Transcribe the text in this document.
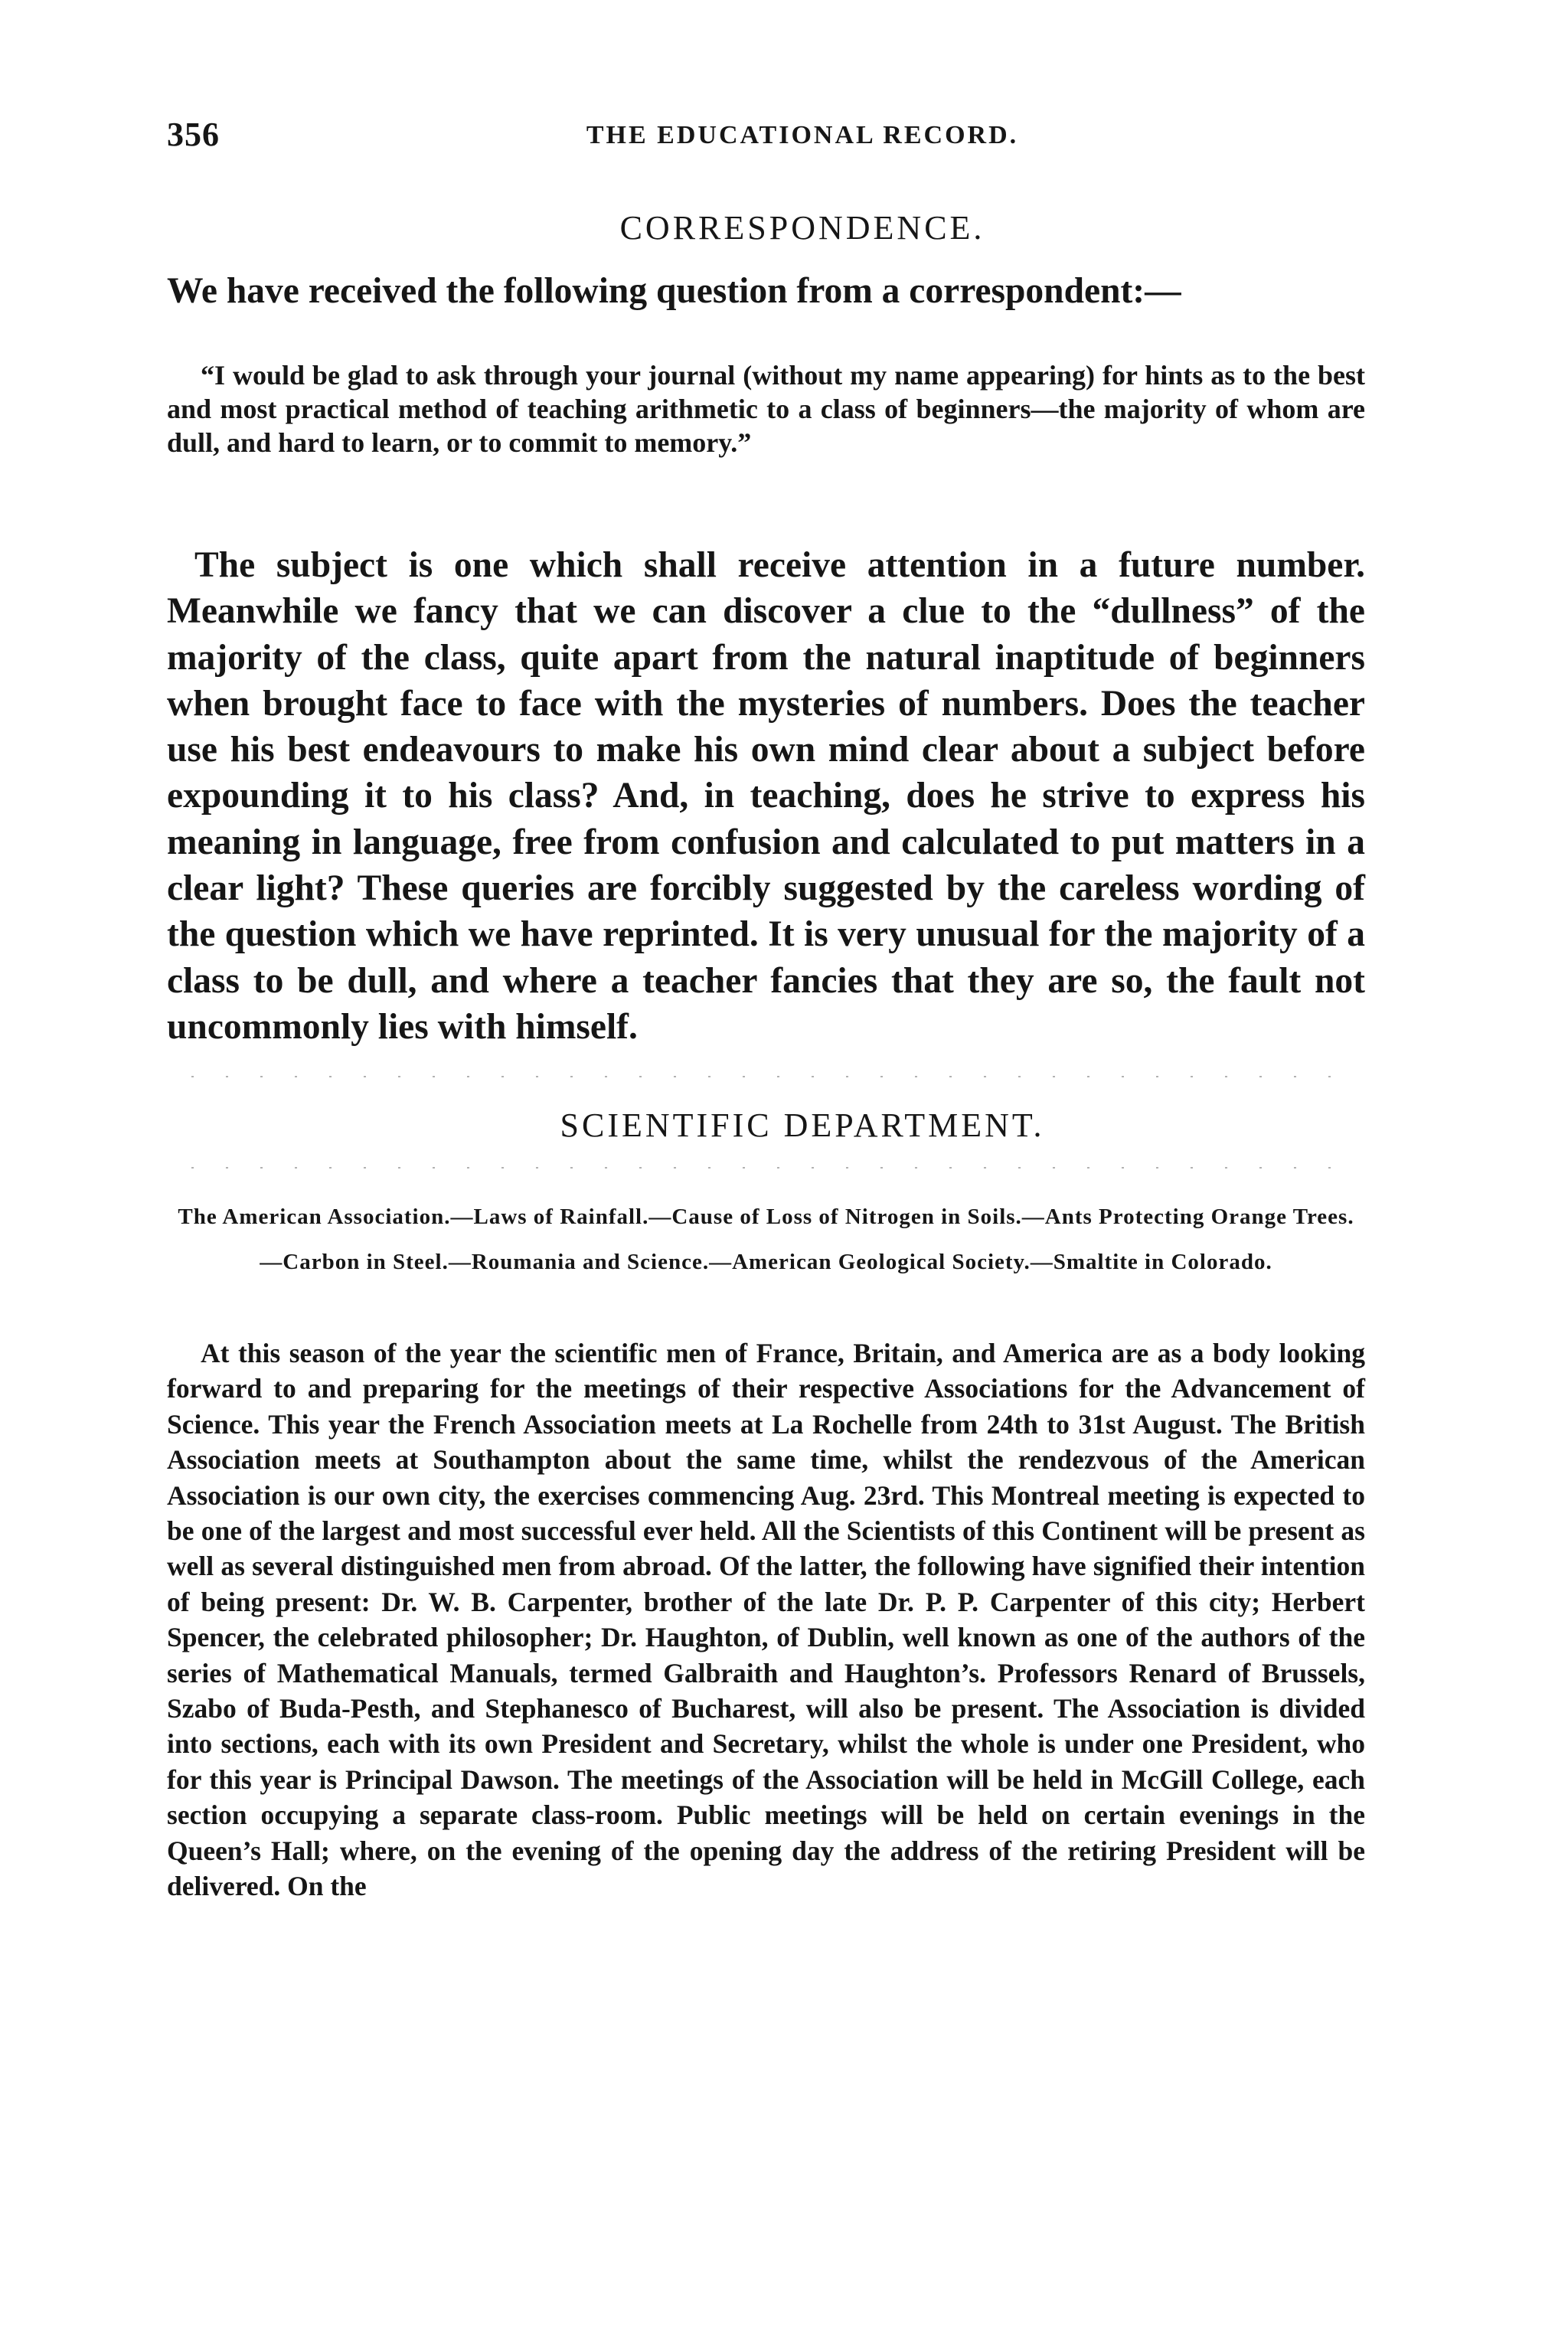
356	THE EDUCATIONAL RECORD.
CORRESPONDENCE.
We have received the following question from a correspondent:—
“I would be glad to ask through your journal (without my name appearing) for hints as to the best and most practical method of teaching arithmetic to a class of beginners—the majority of whom are dull, and hard to learn, or to commit to memory.”
The subject is one which shall receive attention in a future number. Meanwhile we fancy that we can discover a clue to the “dullness” of the majority of the class, quite apart from the natural inaptitude of beginners when brought face to face with the mysteries of numbers. Does the teacher use his best endeavours to make his own mind clear about a subject before expounding it to his class? And, in teaching, does he strive to express his meaning in language, free from confusion and calculated to put matters in a clear light? These queries are forcibly suggested by the careless wording of the question which we have reprinted. It is very unusual for the majority of a class to be dull, and where a teacher fancies that they are so, the fault not uncommonly lies with himself.
SCIENTIFIC DEPARTMENT.
The American Association.—Laws of Rainfall.—Cause of Loss of Nitrogen in Soils.—Ants Protecting Orange Trees.—Carbon in Steel.—Roumania and Science.—American Geological Society.—Smaltite in Colorado.
At this season of the year the scientific men of France, Britain, and America are as a body looking forward to and preparing for the meetings of their respective Associations for the Advancement of Science. This year the French Association meets at La Rochelle from 24th to 31st August. The British Association meets at Southampton about the same time, whilst the rendezvous of the American Association is our own city, the exercises commencing Aug. 23rd. This Montreal meeting is expected to be one of the largest and most successful ever held. All the Scientists of this Continent will be present as well as several distinguished men from abroad. Of the latter, the following have signified their intention of being present: Dr. W. B. Carpenter, brother of the late Dr. P. P. Carpenter of this city; Herbert Spencer, the celebrated philosopher; Dr. Haughton, of Dublin, well known as one of the authors of the series of Mathematical Manuals, termed Galbraith and Haughton’s. Professors Renard of Brussels, Szabo of Buda-Pesth, and Stephanesco of Bucharest, will also be present. The Association is divided into sections, each with its own President and Secretary, whilst the whole is under one President, who for this year is Principal Dawson. The meetings of the Association will be held in McGill College, each section occupying a separate class-room. Public meetings will be held on certain evenings in the Queen’s Hall; where, on the evening of the opening day the address of the retiring President will be delivered. On the
